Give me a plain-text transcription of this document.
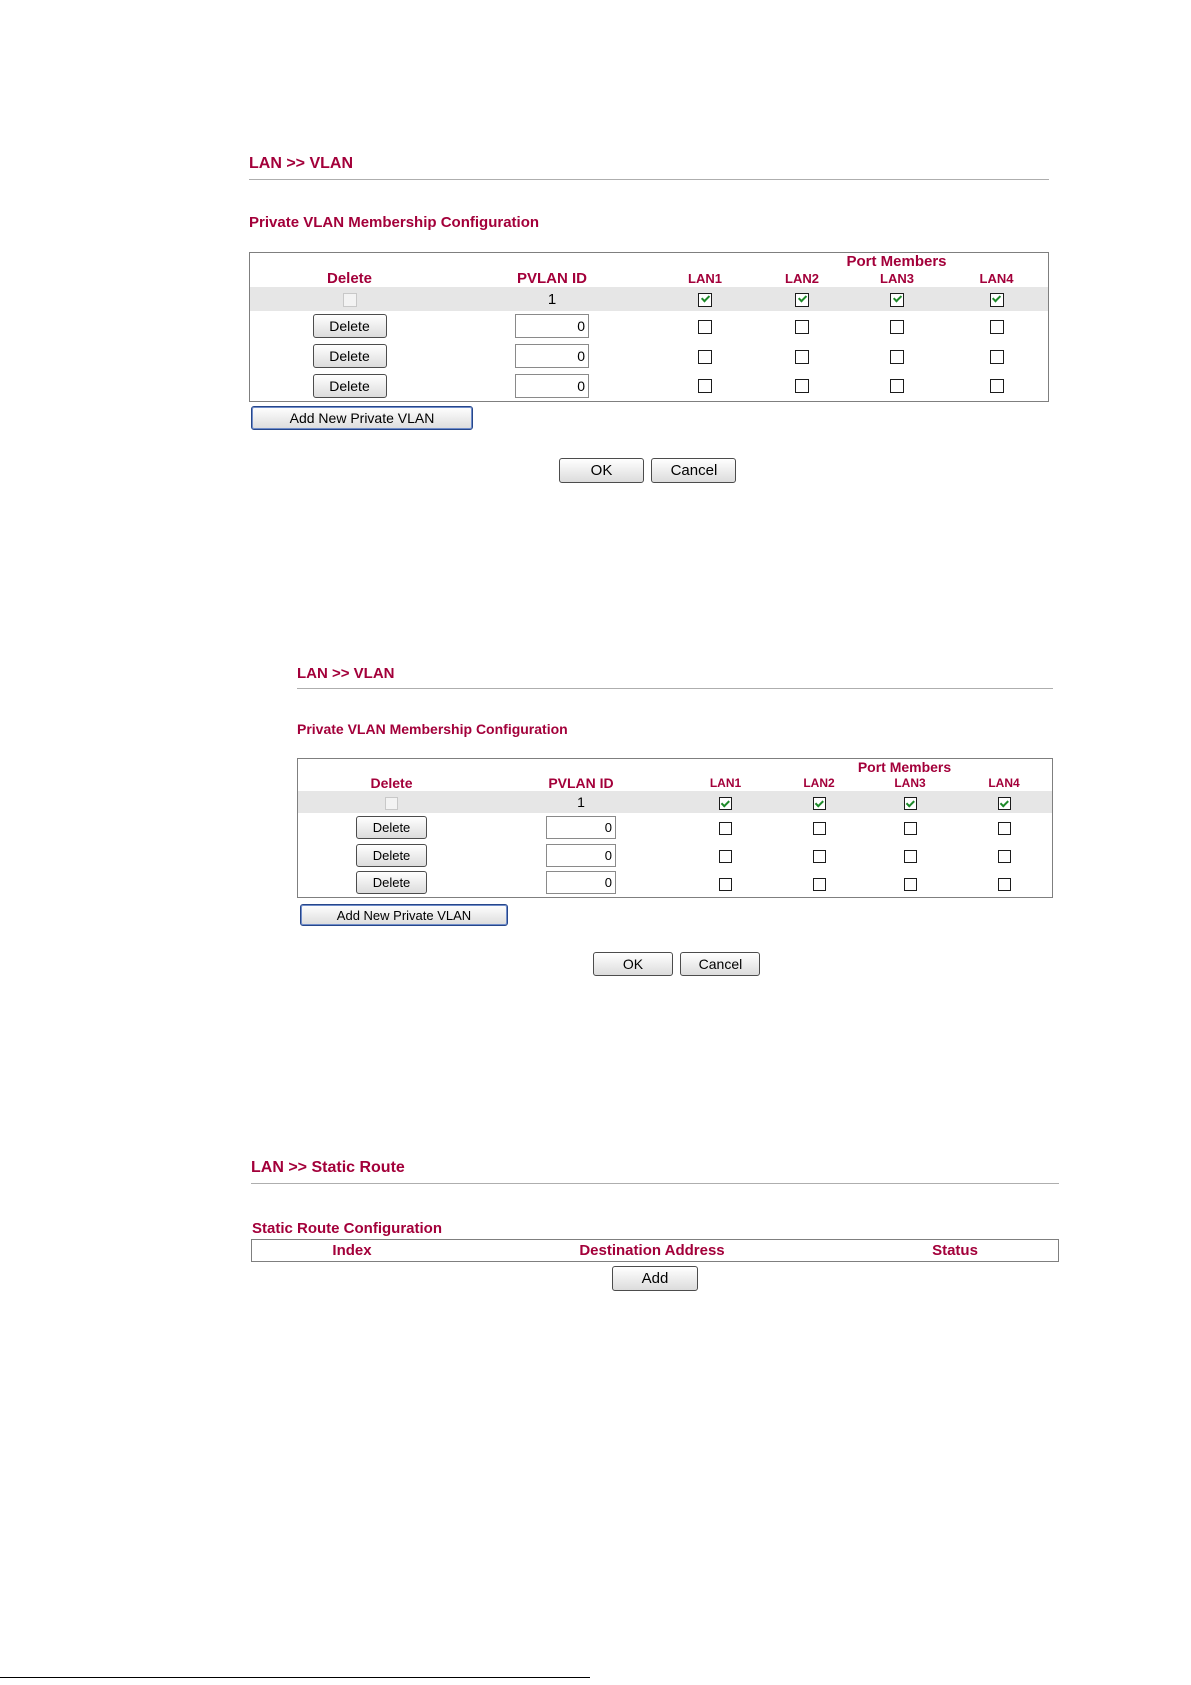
LAN >> VLAN
Private VLAN Membership Configuration
		Port Members			
Delete	PVLAN ID	LAN1	LAN2	LAN3	LAN4
	1				
Delete	0				
Delete	0				
Delete	0				
Add New Private VLAN
OK	Cancel
LAN >> VLAN
Private VLAN Membership Configuration
		Port Members			
Delete	PVLAN ID	LAN1	LAN2	LAN3	LAN4
	1				
Delete	0				
Delete	0				
Delete	0				
Add New Private VLAN
OK	Cancel
LAN >> Static Route
Static Route Configuration
Index	Destination Address	Status
Add
